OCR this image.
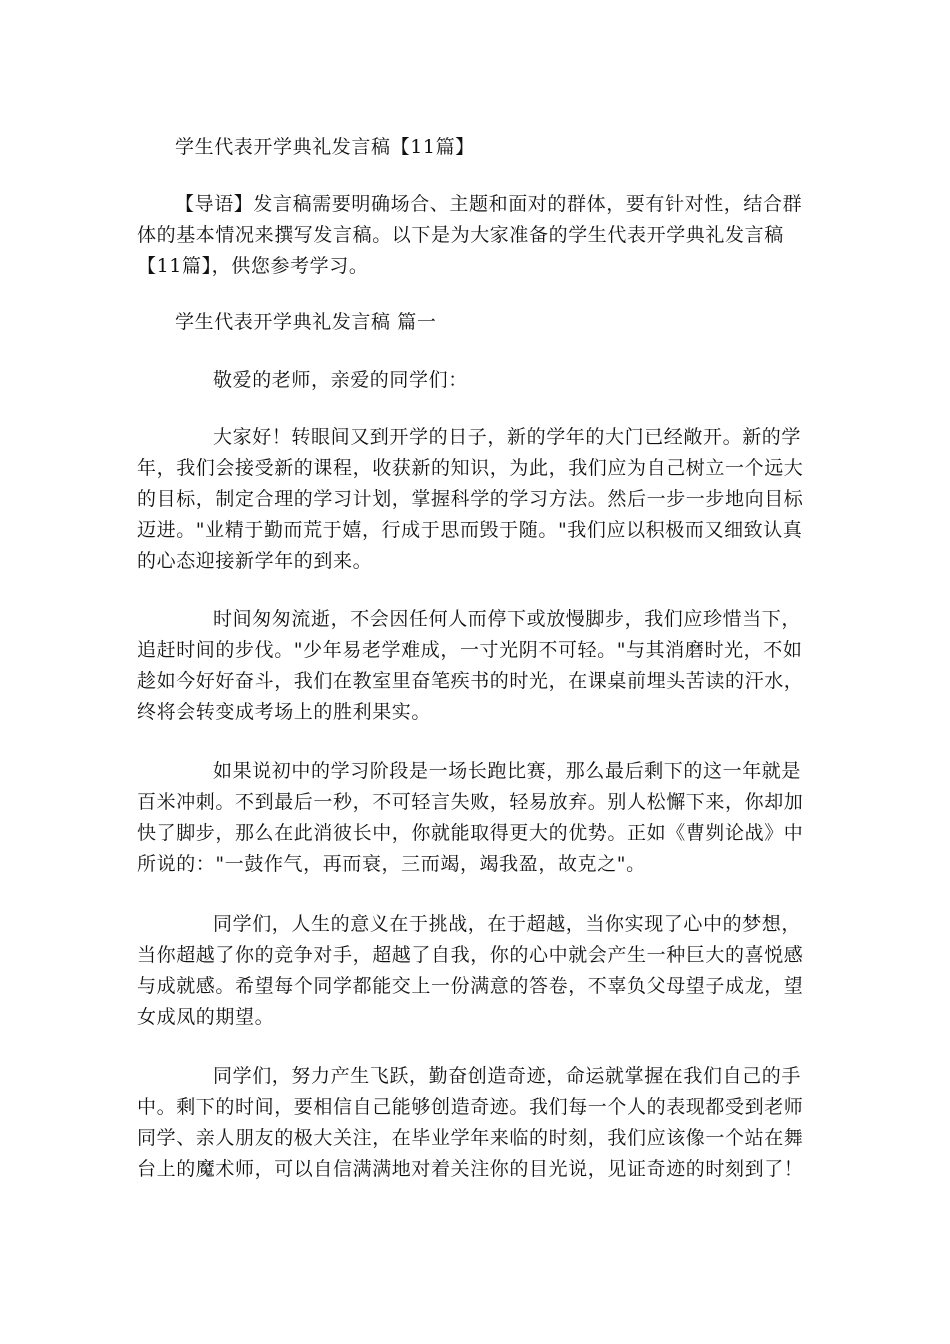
学生代表开学典礼发言稿【11篇】

【导语】发言稿需要明确场合、主题和面对的群体，要有针对性，结合群体的基本情况来撰写发言稿。以下是为大家准备的学生代表开学典礼发言稿【11篇】，供您参考学习。

学生代表开学典礼发言稿 篇一

敬爱的老师，亲爱的同学们：

大家好！转眼间又到开学的日子，新的学年的大门已经敞开。新的学年，我们会接受新的课程，收获新的知识，为此，我们应为自己树立一个远大的目标，制定合理的学习计划，掌握科学的学习方法。然后一步一步地向目标迈进。"业精于勤而荒于嬉，行成于思而毁于随。"我们应以积极而又细致认真的心态迎接新学年的到来。

时间匆匆流逝，不会因任何人而停下或放慢脚步，我们应珍惜当下，追赶时间的步伐。"少年易老学难成，一寸光阴不可轻。"与其消磨时光，不如趁如今好好奋斗，我们在教室里奋笔疾书的时光，在课桌前埋头苦读的汗水，终将会转变成考场上的胜利果实。

如果说初中的学习阶段是一场长跑比赛，那么最后剩下的这一年就是百米冲刺。不到最后一秒，不可轻言失败，轻易放弃。别人松懈下来，你却加快了脚步，那么在此消彼长中，你就能取得更大的优势。正如《曹刿论战》中所说的："一鼓作气，再而衰，三而竭，竭我盈，故克之"。

同学们，人生的意义在于挑战，在于超越，当你实现了心中的梦想，当你超越了你的竞争对手，超越了自我，你的心中就会产生一种巨大的喜悦感与成就感。希望每个同学都能交上一份满意的答卷，不辜负父母望子成龙，望女成凤的期望。

同学们，努力产生飞跃，勤奋创造奇迹，命运就掌握在我们自己的手中。剩下的时间，要相信自己能够创造奇迹。我们每一个人的表现都受到老师同学、亲人朋友的极大关注，在毕业学年来临的时刻，我们应该像一个站在舞台上的魔术师，可以自信满满地对着关注你的目光说，见证奇迹的时刻到了！
